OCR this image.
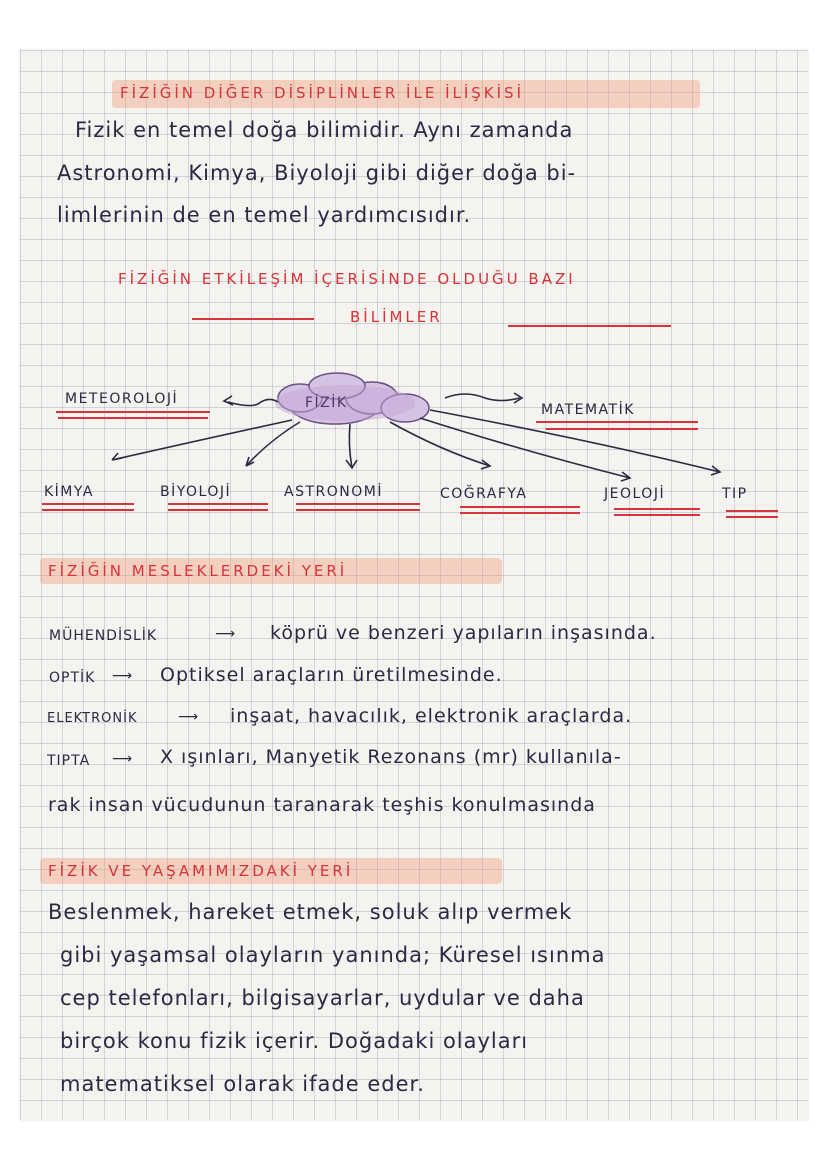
FİZİĞİN DİĞER DİSİPLİNLER İLE İLİŞKİSİ
Fizik en temel doğa bilimidir. Aynı zamanda
Astronomi, Kimya, Biyoloji gibi diğer doğa bi-
limlerinin de en temel yardımcısıdır.
FİZİĞİN ETKİLEŞİM İÇERİSİNDE OLDUĞU BAZI
BİLİMLER
FİZİK
METEOROLOJİ
MATEMATİK
KİMYA	BİYOLOJİ	ASTRONOMİ	COĞRAFYA	JEOLOJİ	TIP
FİZİĞİN MESLEKLERDEKİ YERİ
MÜHENDİSLİK	⟶ köprü ve benzeri yapıların inşasında.
OPTİK ⟶ Optiksel araçların üretilmesinde.
ELEKTRONİK	⟶ inşaat, havacılık, elektronik araçlarda.
TIPTA ⟶ X ışınları, Manyetik Rezonans (mr) kullanıla-
rak insan vücudunun taranarak teşhis konulmasında
FİZİK VE YAŞAMIMIZDAKİ YERİ
Beslenmek, hareket etmek, soluk alıp vermek
gibi yaşamsal olayların yanında; Küresel ısınma
cep telefonları, bilgisayarlar, uydular ve daha
birçok konu fizik içerir. Doğadaki olayları
matematiksel olarak ifade eder.
